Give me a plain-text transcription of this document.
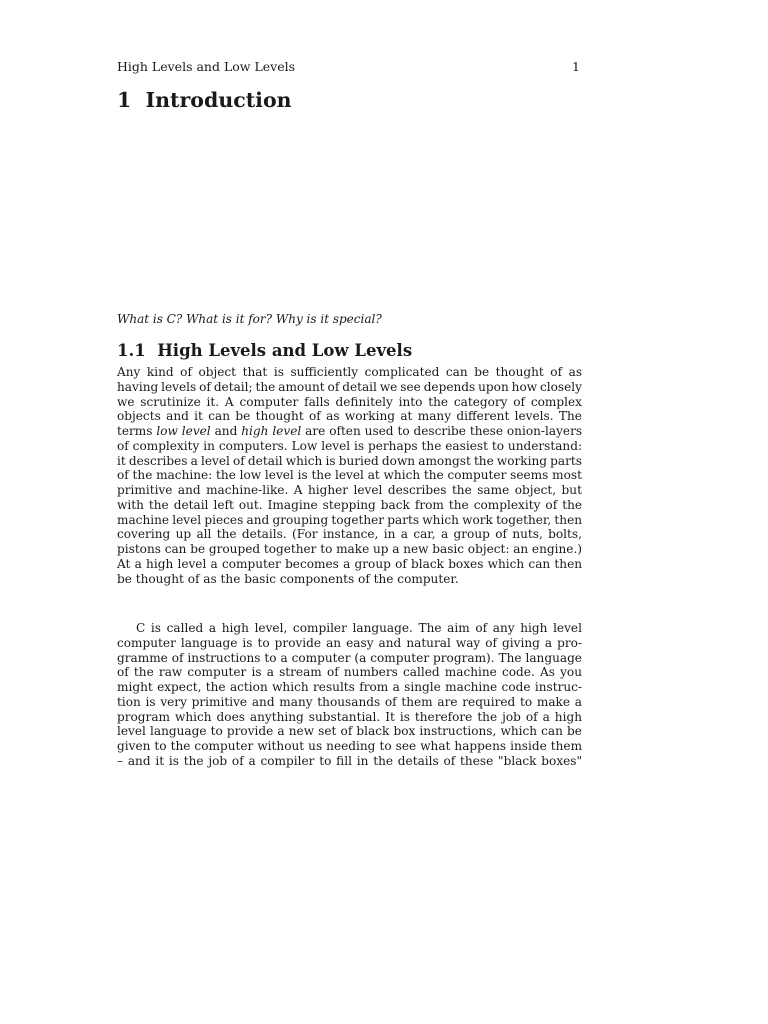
High Levels and Low Levels	1
1 Introduction

What is C? What is it for? Why is it special?

1.1 High Levels and Low Levels

Any kind of object that is sufficiently complicated can be thought of as
having levels of detail; the amount of detail we see depends upon how closely
we scrutinize it. A computer falls definitely into the category of complex
objects and it can be thought of as working at many different levels. The
terms low level and high level are often used to describe these onion-layers
of complexity in computers. Low level is perhaps the easiest to understand:
it describes a level of detail which is buried down amongst the working parts
of the machine: the low level is the level at which the computer seems most
primitive and machine-like. A higher level describes the same object, but
with the detail left out. Imagine stepping back from the complexity of the
machine level pieces and grouping together parts which work together, then
covering up all the details. (For instance, in a car, a group of nuts, bolts,
pistons can be grouped together to make up a new basic object: an engine.)
At a high level a computer becomes a group of black boxes which can then
be thought of as the basic components of the computer.

C is called a high level, compiler language. The aim of any high level
computer language is to provide an easy and natural way of giving a pro-
gramme of instructions to a computer (a computer program). The language
of the raw computer is a stream of numbers called machine code. As you
might expect, the action which results from a single machine code instruc-
tion is very primitive and many thousands of them are required to make a
program which does anything substantial. It is therefore the job of a high
level language to provide a new set of black box instructions, which can be
given to the computer without us needing to see what happens inside them
– and it is the job of a compiler to fill in the details of these "black boxes"
